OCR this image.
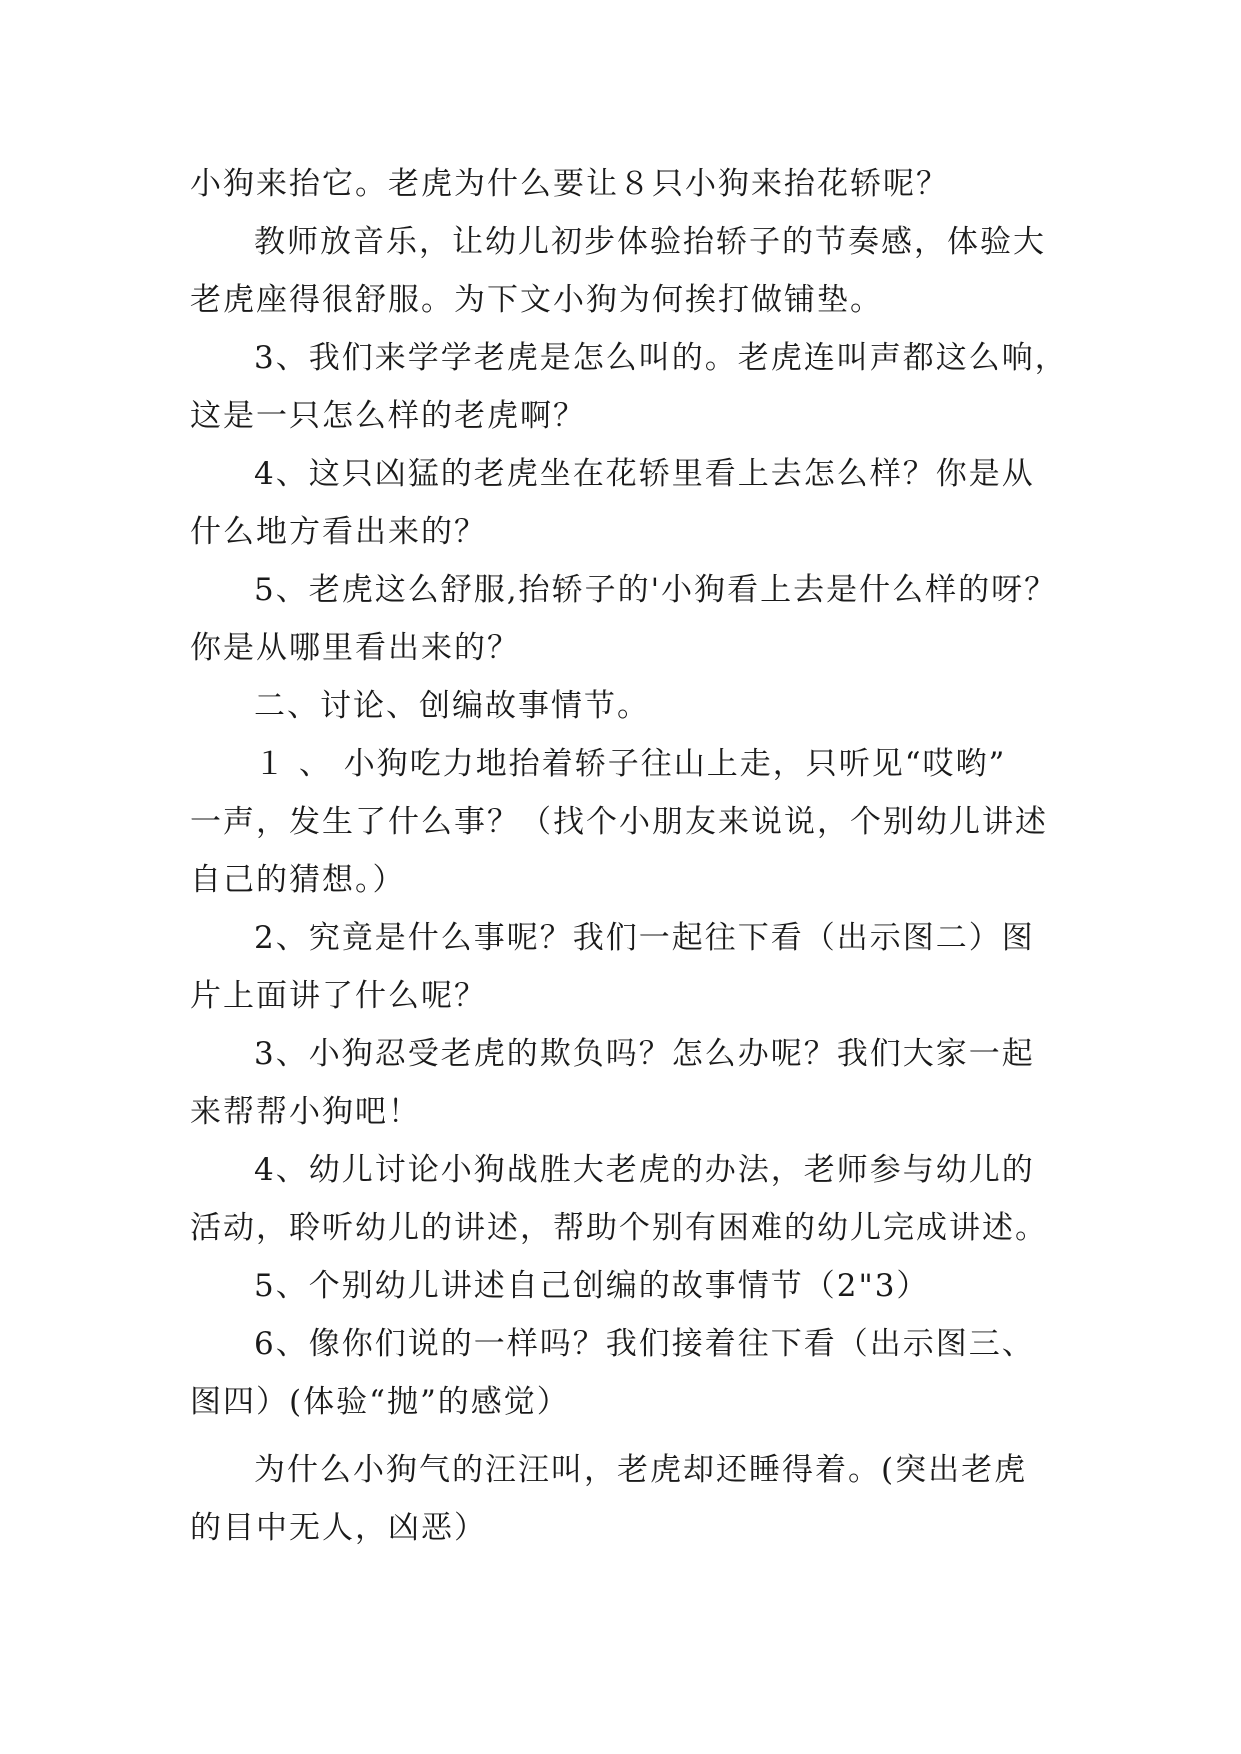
小狗来抬它。老虎为什么要让８只小狗来抬花轿呢？
教师放音乐，让幼儿初步体验抬轿子的节奏感，体验大
老虎座得很舒服。为下文小狗为何挨打做铺垫。
3、我们来学学老虎是怎么叫的。老虎连叫声都这么响，
这是一只怎么样的老虎啊？
4、这只凶猛的老虎坐在花轿里看上去怎么样？你是从
什么地方看出来的？
5、老虎这么舒服,抬轿子的'小狗看上去是什么样的呀？
你是从哪里看出来的？
二、讨论、创编故事情节。
１ 、 小狗吃力地抬着轿子往山上走，只听见“哎哟”
一声，发生了什么事？（找个小朋友来说说，个别幼儿讲述
自己的猜想。）
2、究竟是什么事呢？我们一起往下看（出示图二）图
片上面讲了什么呢？
3、小狗忍受老虎的欺负吗？怎么办呢？我们大家一起
来帮帮小狗吧！
4、幼儿讨论小狗战胜大老虎的办法，老师参与幼儿的
活动，聆听幼儿的讲述，帮助个别有困难的幼儿完成讲述。
5、个别幼儿讲述自己创编的故事情节（2"3）
6、像你们说的一样吗？我们接着往下看（出示图三、
图四）(体验“抛”的感觉）
为什么小狗气的汪汪叫，老虎却还睡得着。(突出老虎
的目中无人，凶恶）
